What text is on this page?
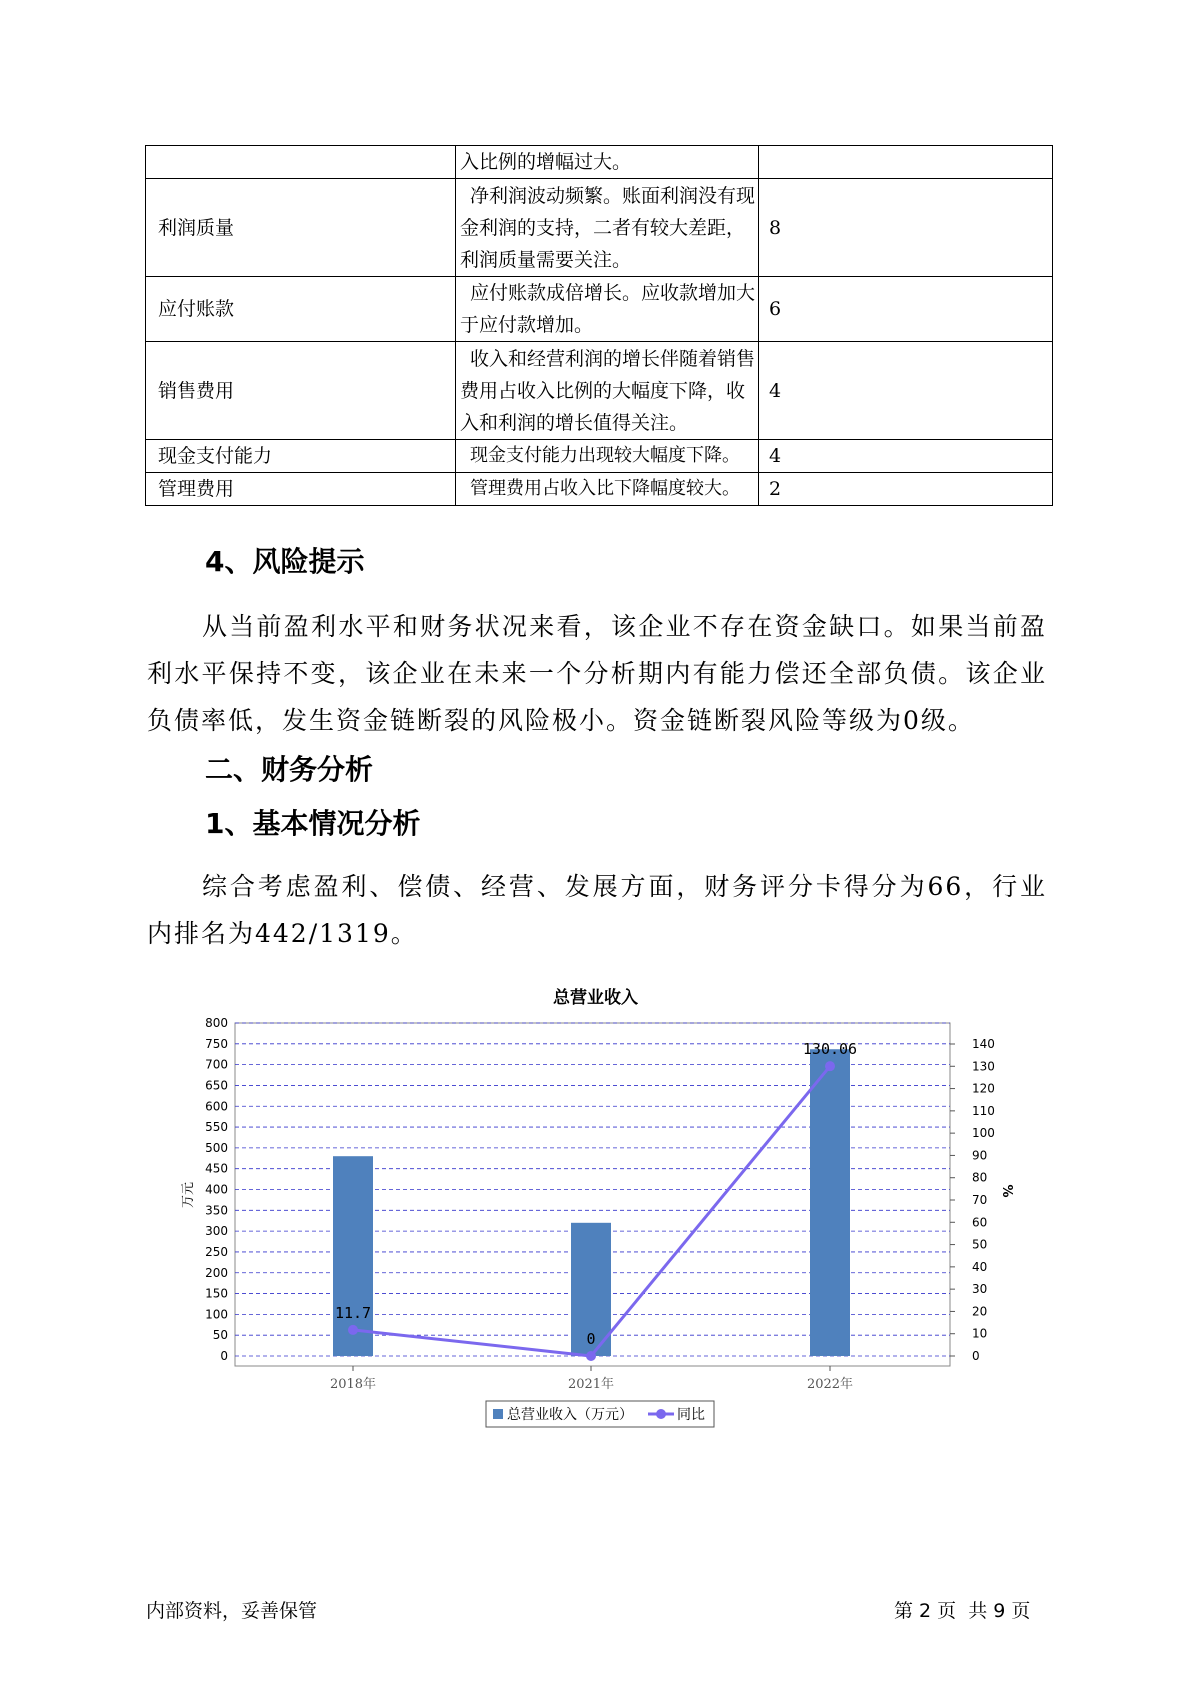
	入比例的增幅过大。	
利润质量	净利润波动频繁。账面利润没有现金利润的支持，二者有较大差距，利润质量需要关注。	8
应付账款	应付账款成倍增长。应收款增加大于应付款增加。	6
销售费用	收入和经营利润的增长伴随着销售费用占收入比例的大幅度下降，收入和利润的增长值得关注。	4
现金支付能力	现金支付能力出现较大幅度下降。	4
管理费用	管理费用占收入比下降幅度较大。	2
4、风险提示
从当前盈利水平和财务状况来看，该企业不存在资金缺口。如果当前盈利水平保持不变，该企业在未来一个分析期内有能力偿还全部负债。该企业负债率低，发生资金链断裂的风险极小。资金链断裂风险等级为0级。
二、财务分析
1、基本情况分析
综合考虑盈利、偿债、经营、发展方面，财务评分卡得分为66，行业内排名为442/1319。
总营业收入
0
50
100
150
200
250
300
350
400
450
500
550
600
650
700
750
800
0
10
20
30
40
50
60
70
80
90
100
110
120
130
140
万元	%
2018年	2021年	2022年
11.7
0
130.06
总营业收入（万元）	同比
内部资料，妥善保管	第 2 页  共 9 页
